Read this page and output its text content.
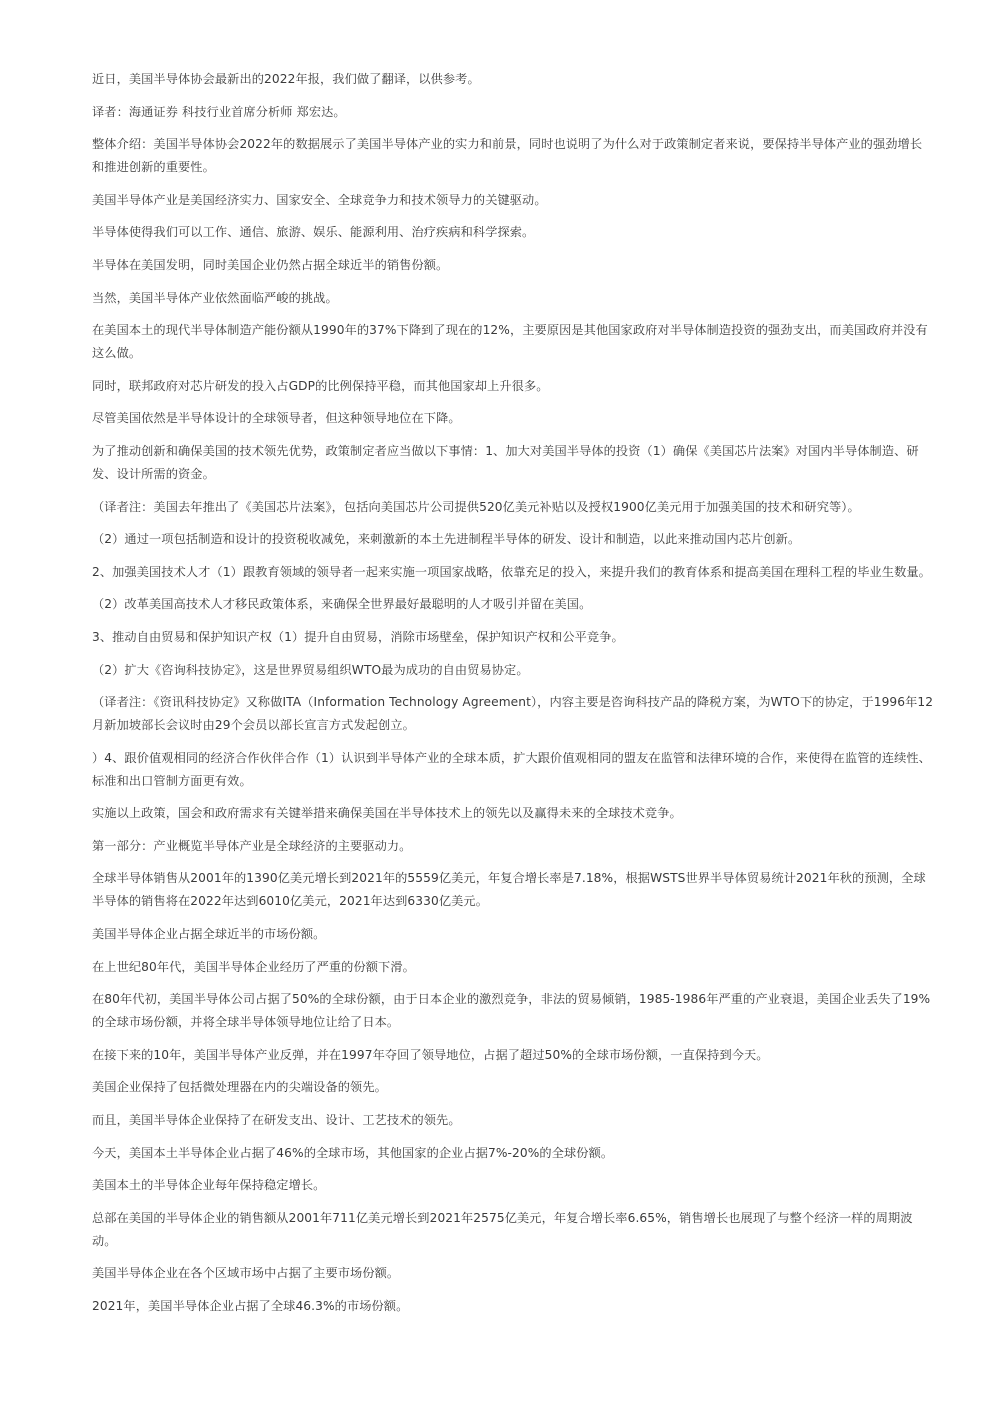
近日，美国半导体协会最新出的2022年报，我们做了翻译，以供参考。

译者：海通证券 科技行业首席分析师 郑宏达。

整体介绍：美国半导体协会2022年的数据展示了美国半导体产业的实力和前景，同时也说明了为什么对于政策制定者来说，要保持半导体产业的强劲增长和推进创新的重要性。

美国半导体产业是美国经济实力、国家安全、全球竞争力和技术领导力的关键驱动。

半导体使得我们可以工作、通信、旅游、娱乐、能源利用、治疗疾病和科学探索。

半导体在美国发明，同时美国企业仍然占据全球近半的销售份额。

当然，美国半导体产业依然面临严峻的挑战。

在美国本土的现代半导体制造产能份额从1990年的37%下降到了现在的12%，主要原因是其他国家政府对半导体制造投资的强劲支出，而美国政府并没有这么做。

同时，联邦政府对芯片研发的投入占GDP的比例保持平稳，而其他国家却上升很多。

尽管美国依然是半导体设计的全球领导者，但这种领导地位在下降。

为了推动创新和确保美国的技术领先优势，政策制定者应当做以下事情：1、加大对美国半导体的投资（1）确保《美国芯片法案》对国内半导体制造、研发、设计所需的资金。

（译者注：美国去年推出了《美国芯片法案》，包括向美国芯片公司提供520亿美元补贴以及授权1900亿美元用于加强美国的技术和研究等）。

（2）通过一项包括制造和设计的投资税收减免，来刺激新的本土先进制程半导体的研发、设计和制造，以此来推动国内芯片创新。

2、加强美国技术人才（1）跟教育领域的领导者一起来实施一项国家战略，依靠充足的投入，来提升我们的教育体系和提高美国在理科工程的毕业生数量。

（2）改革美国高技术人才移民政策体系，来确保全世界最好最聪明的人才吸引并留在美国。

3、推动自由贸易和保护知识产权（1）提升自由贸易，消除市场壁垒，保护知识产权和公平竞争。

（2）扩大《咨询科技协定》，这是世界贸易组织WTO最为成功的自由贸易协定。

（译者注：《资讯科技协定》又称做ITA（Information Technology Agreement），内容主要是咨询科技产品的降税方案，为WTO下的协定，于1996年12月新加坡部长会议时由29个会员以部长宣言方式发起创立。

）4、跟价值观相同的经济合作伙伴合作（1）认识到半导体产业的全球本质，扩大跟价值观相同的盟友在监管和法律环境的合作，来使得在监管的连续性、标准和出口管制方面更有效。

实施以上政策，国会和政府需求有关键举措来确保美国在半导体技术上的领先以及赢得未来的全球技术竞争。

第一部分：产业概览半导体产业是全球经济的主要驱动力。

全球半导体销售从2001年的1390亿美元增长到2021年的5559亿美元，年复合增长率是7.18%，根据WSTS世界半导体贸易统计2021年秋的预测，全球半导体的销售将在2022年达到6010亿美元，2021年达到6330亿美元。

美国半导体企业占据全球近半的市场份额。

在上世纪80年代，美国半导体企业经历了严重的份额下滑。

在80年代初，美国半导体公司占据了50%的全球份额，由于日本企业的激烈竞争，非法的贸易倾销，1985-1986年严重的产业衰退，美国企业丢失了19%的全球市场份额，并将全球半导体领导地位让给了日本。

在接下来的10年，美国半导体产业反弹，并在1997年夺回了领导地位，占据了超过50%的全球市场份额，一直保持到今天。

美国企业保持了包括微处理器在内的尖端设备的领先。

而且，美国半导体企业保持了在研发支出、设计、工艺技术的领先。

今天，美国本土半导体企业占据了46%的全球市场，其他国家的企业占据7%-20%的全球份额。

美国本土的半导体企业每年保持稳定增长。

总部在美国的半导体企业的销售额从2001年711亿美元增长到2021年2575亿美元，年复合增长率6.65%，销售增长也展现了与整个经济一样的周期波动。

美国半导体企业在各个区域市场中占据了主要市场份额。

2021年，美国半导体企业占据了全球46.3%的市场份额。
